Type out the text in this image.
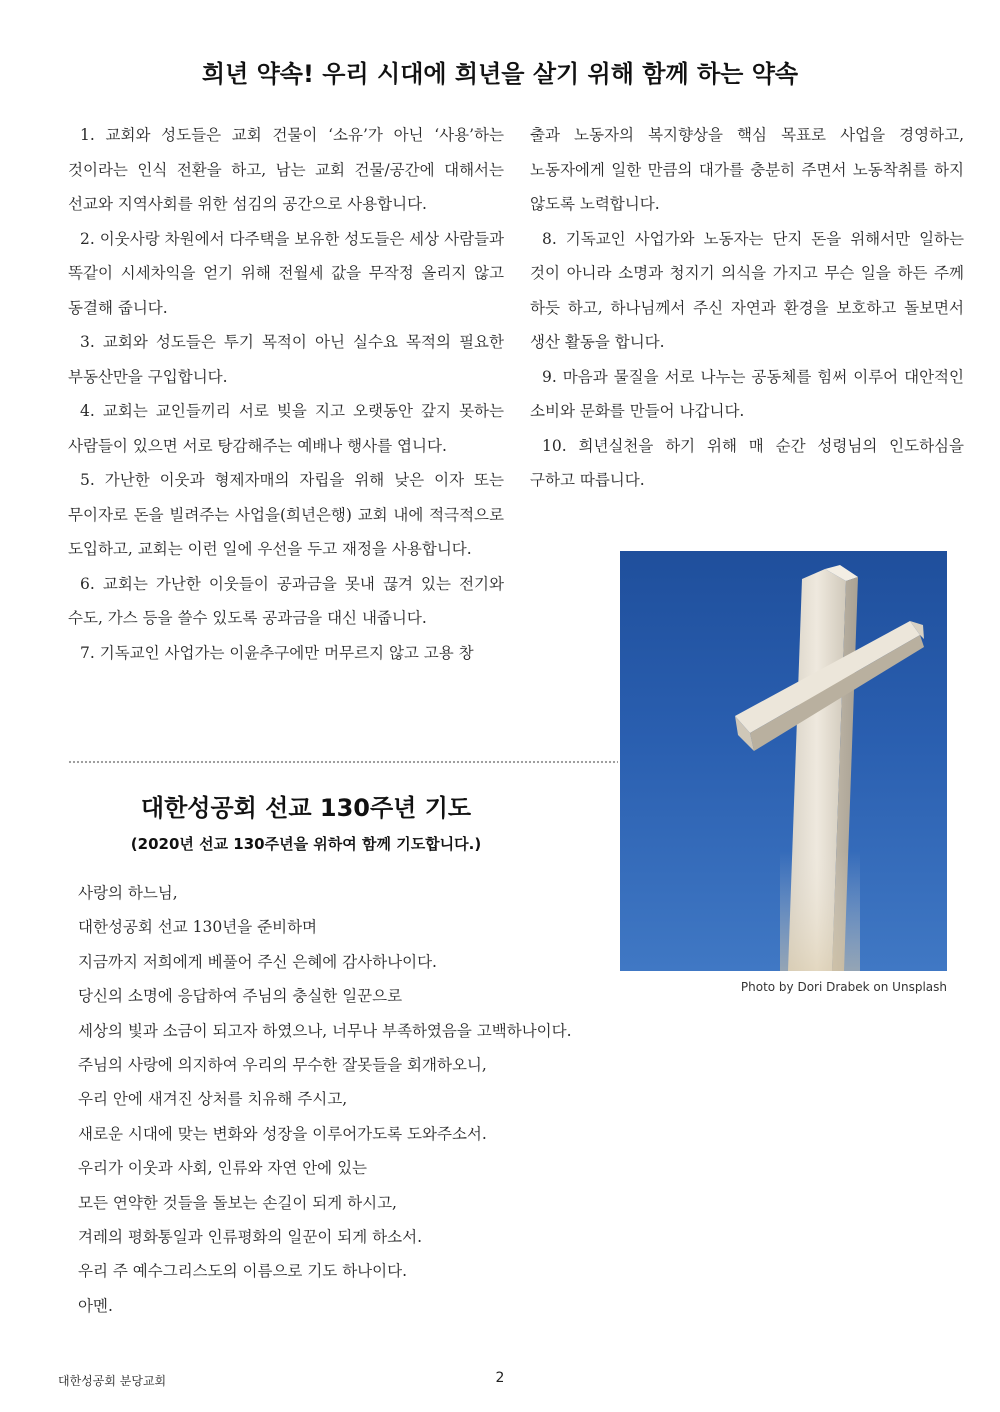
희년 약속! 우리 시대에 희년을 살기 위해 함께 하는 약속

1. 교회와 성도들은 교회 건물이 ‘소유’가 아닌 ‘사용’하는 것이라는 인식 전환을 하고, 남는 교회 건물/공간에 대해서는 선교와 지역사회를 위한 섬김의 공간으로 사용합니다.

2. 이웃사랑 차원에서 다주택을 보유한 성도들은 세상 사람들과 똑같이 시세차익을 얻기 위해 전월세 값을 무작정 올리지 않고 동결해 줍니다.

3. 교회와 성도들은 투기 목적이 아닌 실수요 목적의 필요한 부동산만을 구입합니다.

4. 교회는 교인들끼리 서로 빚을 지고 오랫동안 갚지 못하는 사람들이 있으면 서로 탕감해주는 예배나 행사를 엽니다.

5. 가난한 이웃과 형제자매의 자립을 위해 낮은 이자 또는 무이자로 돈을 빌려주는 사업을(희년은행) 교회 내에 적극적으로 도입하고, 교회는 이런 일에 우선을 두고 재정을 사용합니다.

6. 교회는 가난한 이웃들이 공과금을 못내 끊겨 있는 전기와 수도, 가스 등을 쓸수 있도록 공과금을 대신 내줍니다.

7. 기독교인 사업가는 이윤추구에만 머무르지 않고 고용 창

출과 노동자의 복지향상을 핵심 목표로 사업을 경영하고, 노동자에게 일한 만큼의 대가를 충분히 주면서 노동착취를 하지 않도록 노력합니다.

8. 기독교인 사업가와 노동자는 단지 돈을 위해서만 일하는 것이 아니라 소명과 청지기 의식을 가지고 무슨 일을 하든 주께 하듯 하고, 하나님께서 주신 자연과 환경을 보호하고 돌보면서 생산 활동을 합니다.

9. 마음과 물질을 서로 나누는 공동체를 힘써 이루어 대안적인 소비와 문화를 만들어 나갑니다.

10. 희년실천을 하기 위해 매 순간 성령님의 인도하심을 구하고 따릅니다.

Photo by Dori Drabek on Unsplash
대한성공회 선교 130주년 기도

(2020년 선교 130주년을 위하여 함께 기도합니다.)

사랑의 하느님,
대한성공회 선교 130년을 준비하며
지금까지 저희에게 베풀어 주신 은혜에 감사하나이다.
당신의 소명에 응답하여 주님의 충실한 일꾼으로
세상의 빛과 소금이 되고자 하였으나, 너무나 부족하였음을 고백하나이다.
주님의 사랑에 의지하여 우리의 무수한 잘못들을 회개하오니,
우리 안에 새겨진 상처를 치유해 주시고,
새로운 시대에 맞는 변화와 성장을 이루어가도록 도와주소서.
우리가 이웃과 사회, 인류와 자연 안에 있는
모든 연약한 것들을 돌보는 손길이 되게 하시고,
겨레의 평화통일과 인류평화의 일꾼이 되게 하소서.
우리 주 예수그리스도의 이름으로 기도 하나이다.
아멘.
대한성공회 분당교회	2
